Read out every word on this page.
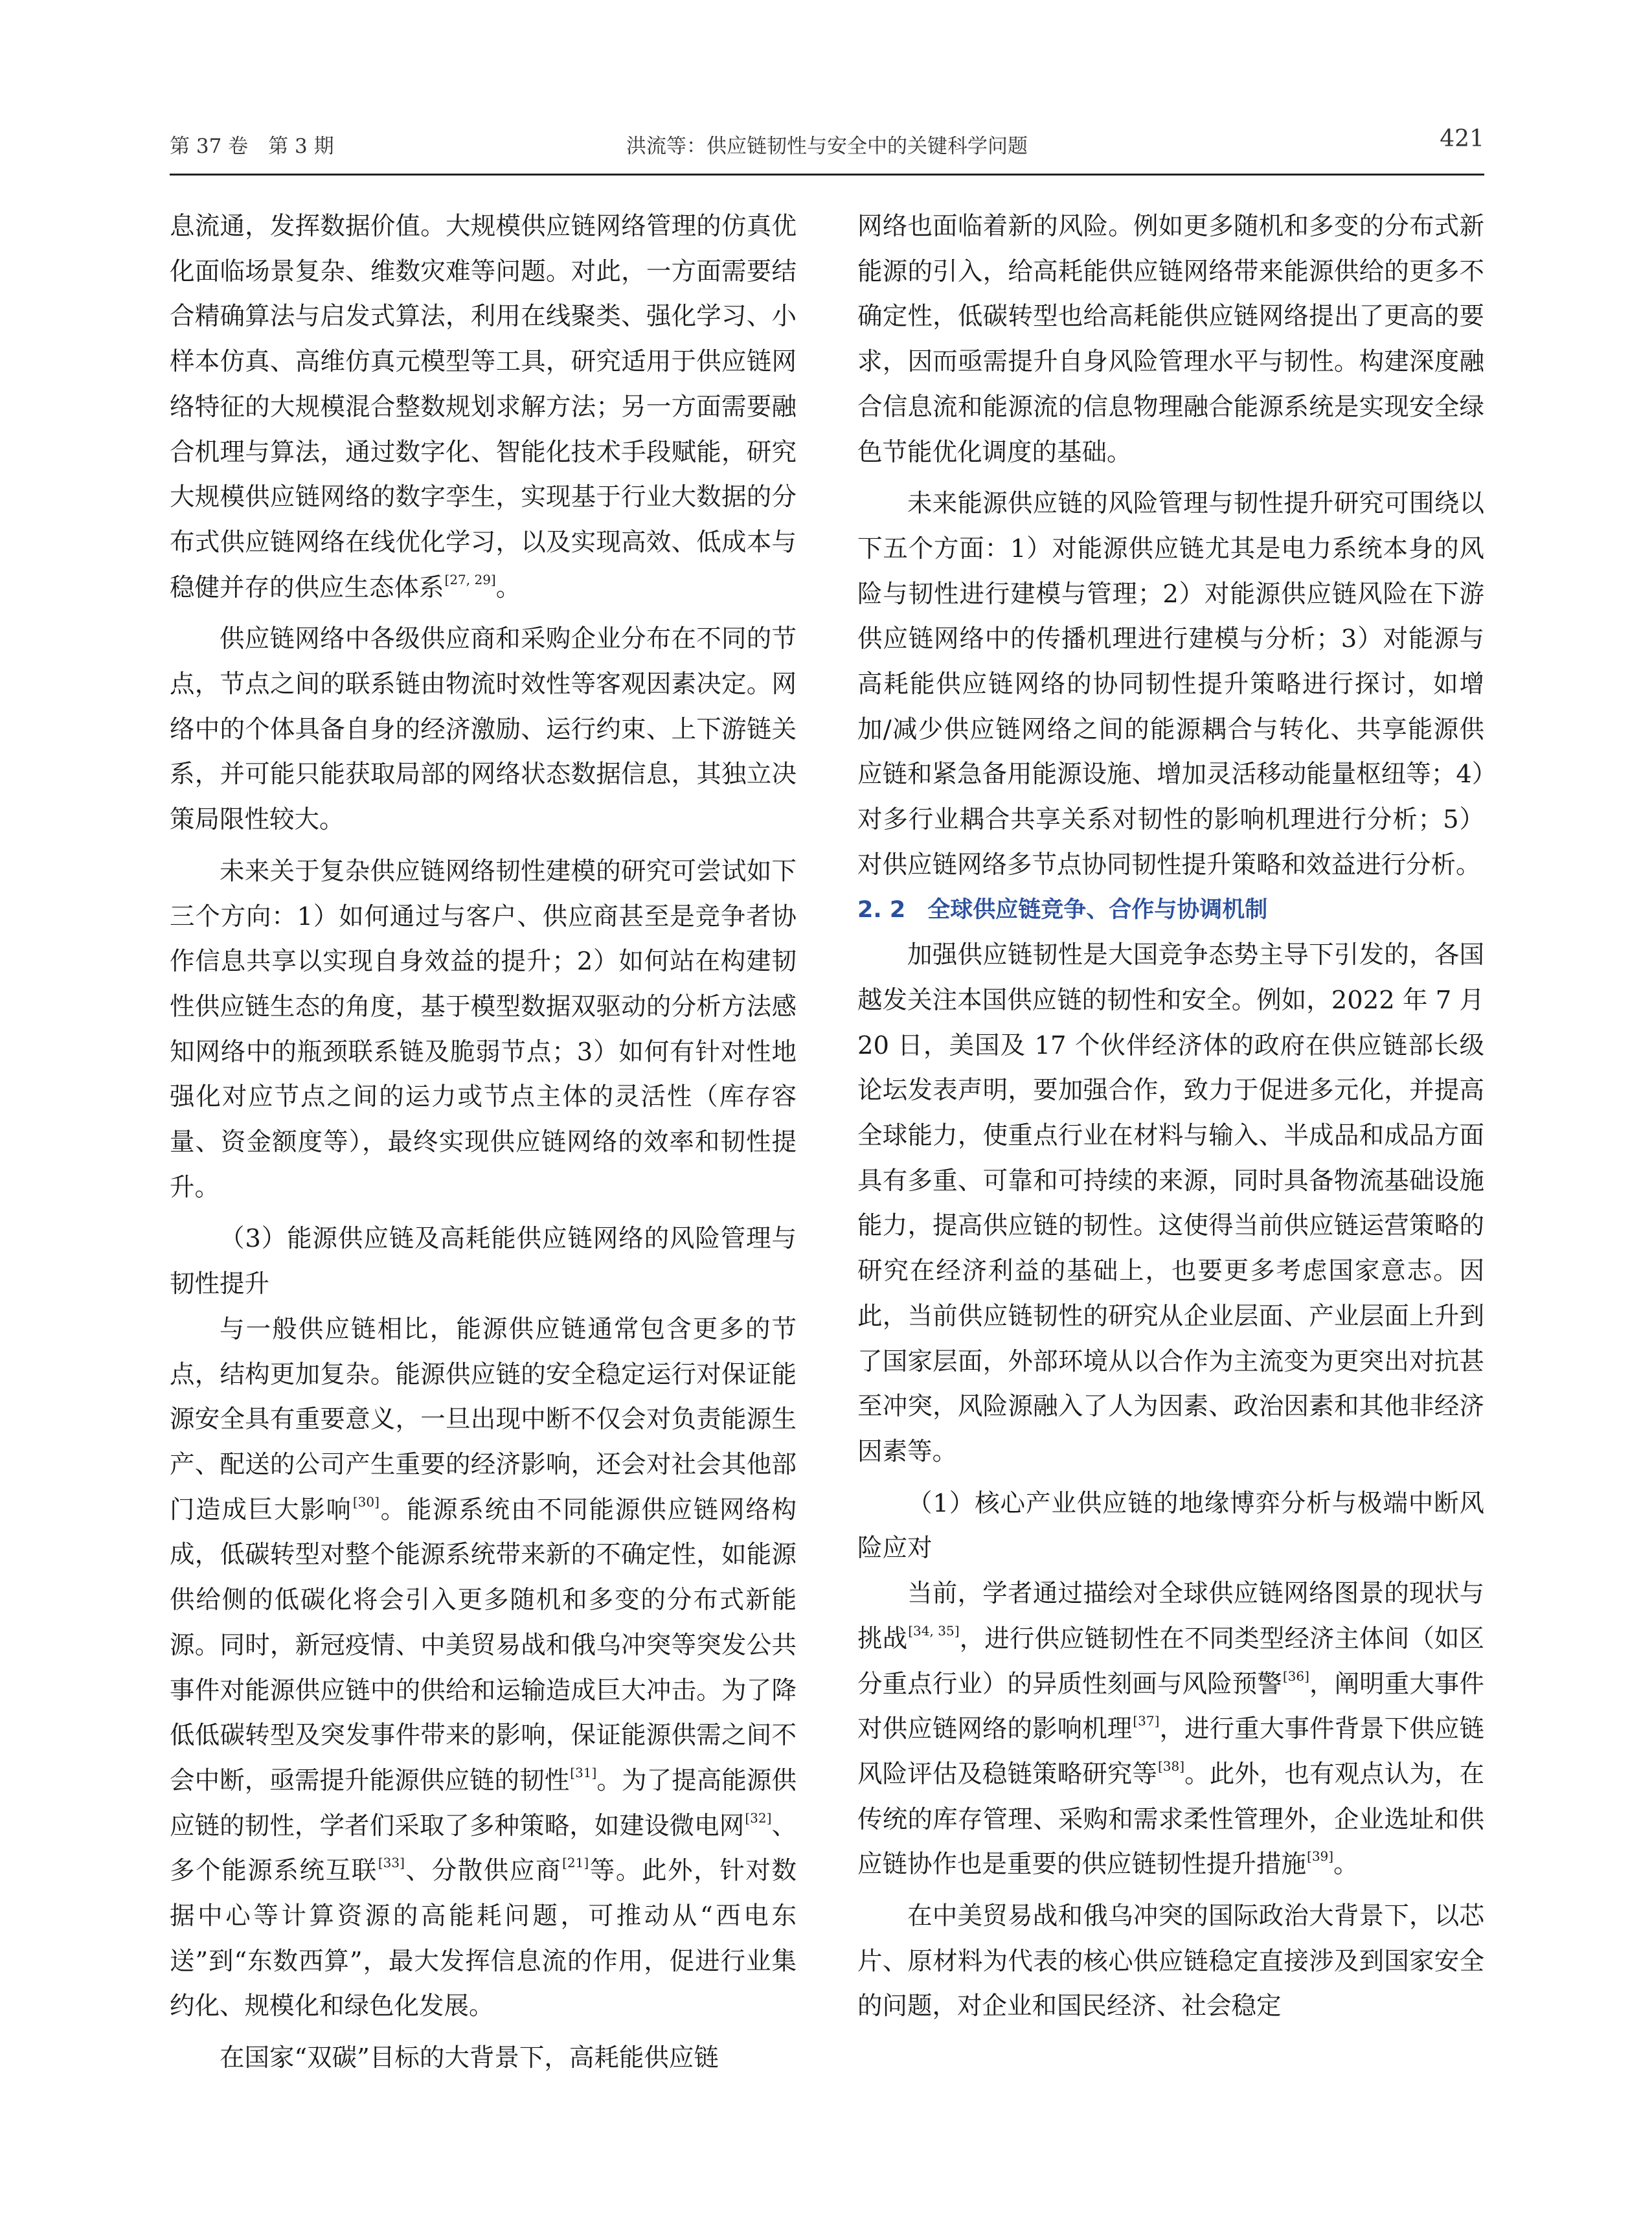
第 37 卷　第 3 期	洪流等：供应链韧性与安全中的关键科学问题	421

息流通，发挥数据价值。大规模供应链网络管理的仿真优化面临场景复杂、维数灾难等问题。对此，一方面需要结合精确算法与启发式算法，利用在线聚类、强化学习、小样本仿真、高维仿真元模型等工具，研究适用于供应链网络特征的大规模混合整数规划求解方法；另一方面需要融合机理与算法，通过数字化、智能化技术手段赋能，研究大规模供应链网络的数字孪生，实现基于行业大数据的分布式供应链网络在线优化学习，以及实现高效、低成本与稳健并存的供应生态体系[27, 29]。

供应链网络中各级供应商和采购企业分布在不同的节点，节点之间的联系链由物流时效性等客观因素决定。网络中的个体具备自身的经济激励、运行约束、上下游链关系，并可能只能获取局部的网络状态数据信息，其独立决策局限性较大。

未来关于复杂供应链网络韧性建模的研究可尝试如下三个方向：1）如何通过与客户、供应商甚至是竞争者协作信息共享以实现自身效益的提升；2）如何站在构建韧性供应链生态的角度，基于模型数据双驱动的分析方法感知网络中的瓶颈联系链及脆弱节点；3）如何有针对性地强化对应节点之间的运力或节点主体的灵活性（库存容量、资金额度等），最终实现供应链网络的效率和韧性提升。

（3）能源供应链及高耗能供应链网络的风险管理与韧性提升

与一般供应链相比，能源供应链通常包含更多的节点，结构更加复杂。能源供应链的安全稳定运行对保证能源安全具有重要意义，一旦出现中断不仅会对负责能源生产、配送的公司产生重要的经济影响，还会对社会其他部门造成巨大影响[30]。能源系统由不同能源供应链网络构成，低碳转型对整个能源系统带来新的不确定性，如能源供给侧的低碳化将会引入更多随机和多变的分布式新能源。同时，新冠疫情、中美贸易战和俄乌冲突等突发公共事件对能源供应链中的供给和运输造成巨大冲击。为了降低低碳转型及突发事件带来的影响，保证能源供需之间不会中断，亟需提升能源供应链的韧性[31]。为了提高能源供应链的韧性，学者们采取了多种策略，如建设微电网[32]、多个能源系统互联[33]、分散供应商[21]等。此外，针对数据中心等计算资源的高能耗问题，可推动从“西电东送”到“东数西算”，最大发挥信息流的作用，促进行业集约化、规模化和绿色化发展。

在国家“双碳”目标的大背景下，高耗能供应链

网络也面临着新的风险。例如更多随机和多变的分布式新能源的引入，给高耗能供应链网络带来能源供给的更多不确定性，低碳转型也给高耗能供应链网络提出了更高的要求，因而亟需提升自身风险管理水平与韧性。构建深度融合信息流和能源流的信息物理融合能源系统是实现安全绿色节能优化调度的基础。

未来能源供应链的风险管理与韧性提升研究可围绕以下五个方面：1）对能源供应链尤其是电力系统本身的风险与韧性进行建模与管理；2）对能源供应链风险在下游供应链网络中的传播机理进行建模与分析；3）对能源与高耗能供应链网络的协同韧性提升策略进行探讨，如增加/减少供应链网络之间的能源耦合与转化、共享能源供应链和紧急备用能源设施、增加灵活移动能量枢纽等；4）对多行业耦合共享关系对韧性的影响机理进行分析；5）对供应链网络多节点协同韧性提升策略和效益进行分析。

2. 2 全球供应链竞争、合作与协调机制

加强供应链韧性是大国竞争态势主导下引发的，各国越发关注本国供应链的韧性和安全。例如，2022 年 7 月 20 日，美国及 17 个伙伴经济体的政府在供应链部长级论坛发表声明，要加强合作，致力于促进多元化，并提高全球能力，使重点行业在材料与输入、半成品和成品方面具有多重、可靠和可持续的来源，同时具备物流基础设施能力，提高供应链的韧性。这使得当前供应链运营策略的研究在经济利益的基础上，也要更多考虑国家意志。因此，当前供应链韧性的研究从企业层面、产业层面上升到了国家层面，外部环境从以合作为主流变为更突出对抗甚至冲突，风险源融入了人为因素、政治因素和其他非经济因素等。

（1）核心产业供应链的地缘博弈分析与极端中断风险应对

当前，学者通过描绘对全球供应链网络图景的现状与挑战[34, 35]，进行供应链韧性在不同类型经济主体间（如区分重点行业）的异质性刻画与风险预警[36]，阐明重大事件对供应链网络的影响机理[37]，进行重大事件背景下供应链风险评估及稳链策略研究等[38]。此外，也有观点认为，在传统的库存管理、采购和需求柔性管理外，企业选址和供应链协作也是重要的供应链韧性提升措施[39]。

在中美贸易战和俄乌冲突的国际政治大背景下，以芯片、原材料为代表的核心供应链稳定直接涉及到国家安全的问题，对企业和国民经济、社会稳定
